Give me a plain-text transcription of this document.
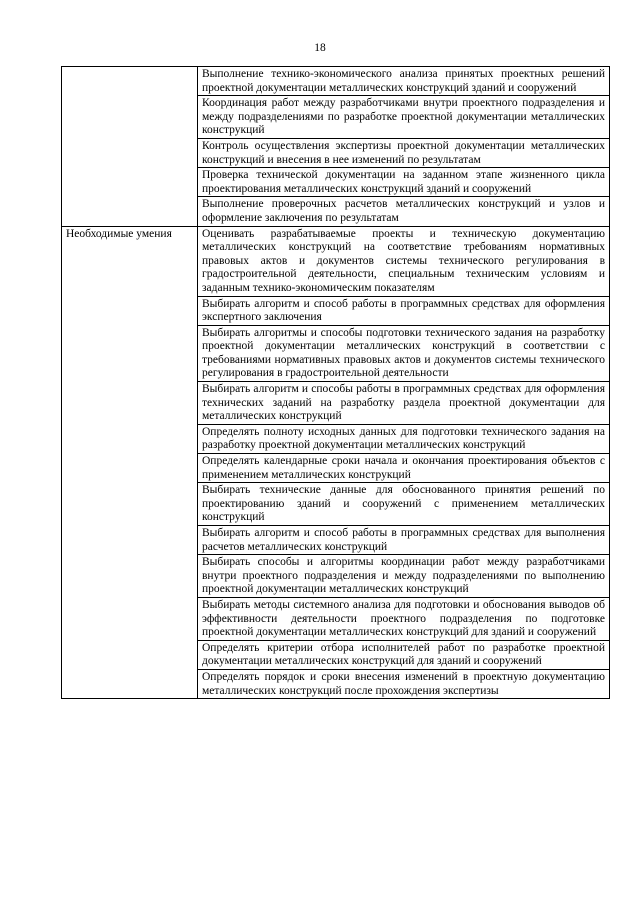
18
	Выполнение технико-экономического анализа принятых проектных решений проектной документации металлических конструкций зданий и сооружений
	Координация работ между разработчиками внутри проектного подразделения и между подразделениями по разработке проектной документации металлических конструкций
	Контроль осуществления экспертизы проектной документации металлических конструкций и внесения в нее изменений по результатам
	Проверка технической документации на заданном этапе жизненного цикла проектирования металлических конструкций зданий и сооружений
	Выполнение проверочных расчетов металлических конструкций и узлов и оформление заключения по результатам
Необходимые умения	Оценивать разрабатываемые проекты и техническую документацию металлических конструкций на соответствие требованиям нормативных правовых актов и документов системы технического регулирования в градостроительной деятельности, специальным техническим условиям и заданным технико-экономическим показателям
	Выбирать алгоритм и способ работы в программных средствах для оформления экспертного заключения
	Выбирать алгоритмы и способы подготовки технического задания на разработку проектной документации металлических конструкций в соответствии с требованиями нормативных правовых актов и документов системы технического регулирования в градостроительной деятельности
	Выбирать алгоритм и способы работы в программных средствах для оформления технических заданий на разработку раздела проектной документации для металлических конструкций
	Определять полноту исходных данных для подготовки технического задания на разработку проектной документации металлических конструкций
	Определять календарные сроки начала и окончания проектирования объектов с применением металлических конструкций
	Выбирать технические данные для обоснованного принятия решений по проектированию зданий и сооружений с применением металлических конструкций
	Выбирать алгоритм и способ работы в программных средствах для выполнения расчетов металлических конструкций
	Выбирать способы и алгоритмы координации работ между разработчиками внутри проектного подразделения и между подразделениями по выполнению проектной документации металлических конструкций
	Выбирать методы системного анализа для подготовки и обоснования выводов об эффективности деятельности проектного подразделения по подготовке проектной документации металлических конструкций для зданий и сооружений
	Определять критерии отбора исполнителей работ по разработке проектной документации металлических конструкций для зданий и сооружений
	Определять порядок и сроки внесения изменений в проектную документацию металлических конструкций после прохождения экспертизы
